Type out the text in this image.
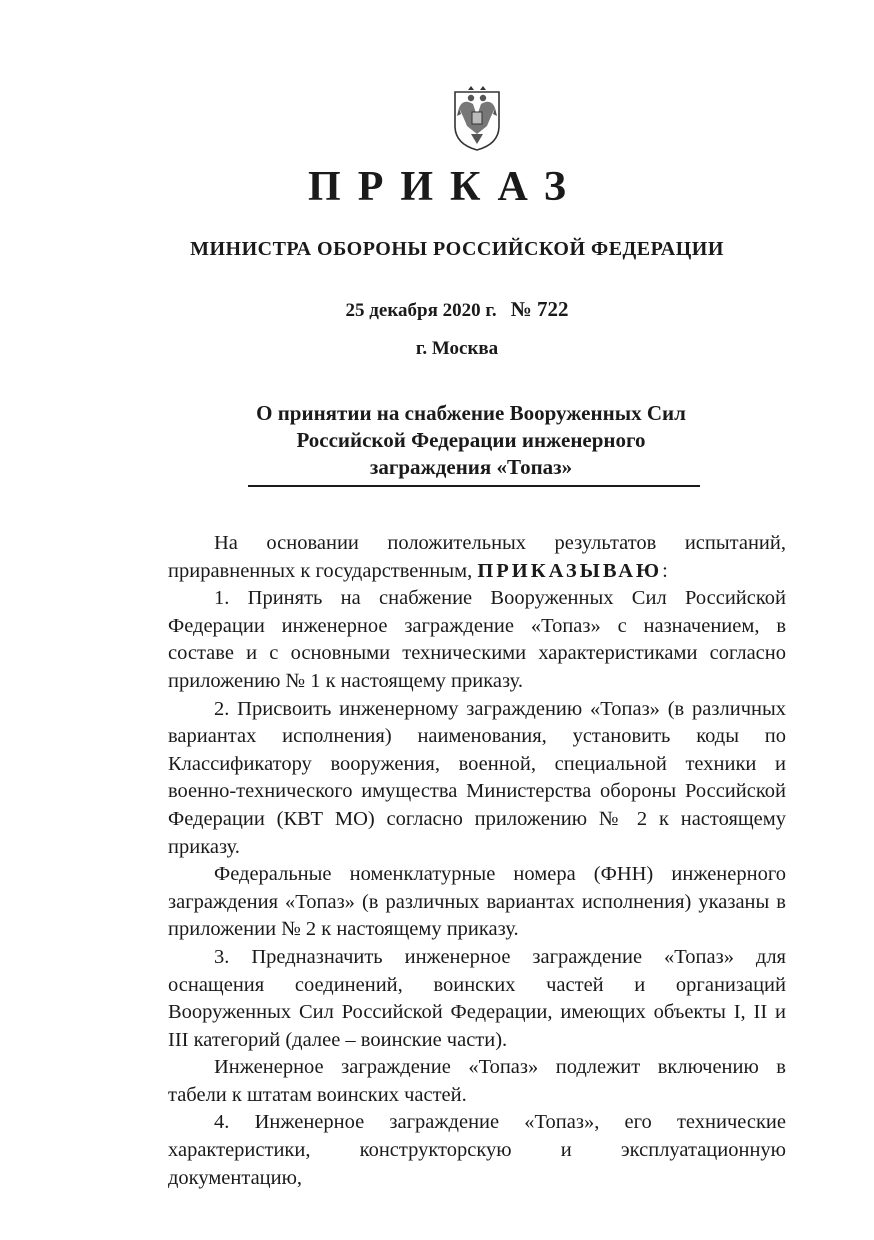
ПРИКАЗ
МИНИСТРА ОБОРОНЫ РОССИЙСКОЙ ФЕДЕРАЦИИ
25 декабря 2020 г. № 722
г. Москва
О принятии на снабжение Вооруженных Сил
Российской Федерации инженерного
заграждения «Топаз»

На основании положительных результатов испытаний, приравненных к государственным, ПРИКАЗЫВАЮ:

1. Принять на снабжение Вооруженных Сил Российской Федерации инженерное заграждение «Топаз» с назначением, в составе и с основными техническими характеристиками согласно приложению № 1 к настоящему приказу.

2. Присвоить инженерному заграждению «Топаз» (в различных вариантах исполнения) наименования, установить коды по Классификатору вооружения, военной, специальной техники и военно-технического имущества Министерства обороны Российской Федерации (КВТ МО) согласно приложению № 2 к настоящему приказу.

Федеральные номенклатурные номера (ФНН) инженерного заграждения «Топаз» (в различных вариантах исполнения) указаны в приложении № 2 к настоящему приказу.

3. Предназначить инженерное заграждение «Топаз» для оснащения соединений, воинских частей и организаций Вооруженных Сил Российской Федерации, имеющих объекты I, II и III категорий (далее – воинские части).

Инженерное заграждение «Топаз» подлежит включению в табели к штатам воинских частей.

4. Инженерное заграждение «Топаз», его технические характеристики, конструкторскую и эксплуатационную документацию,
